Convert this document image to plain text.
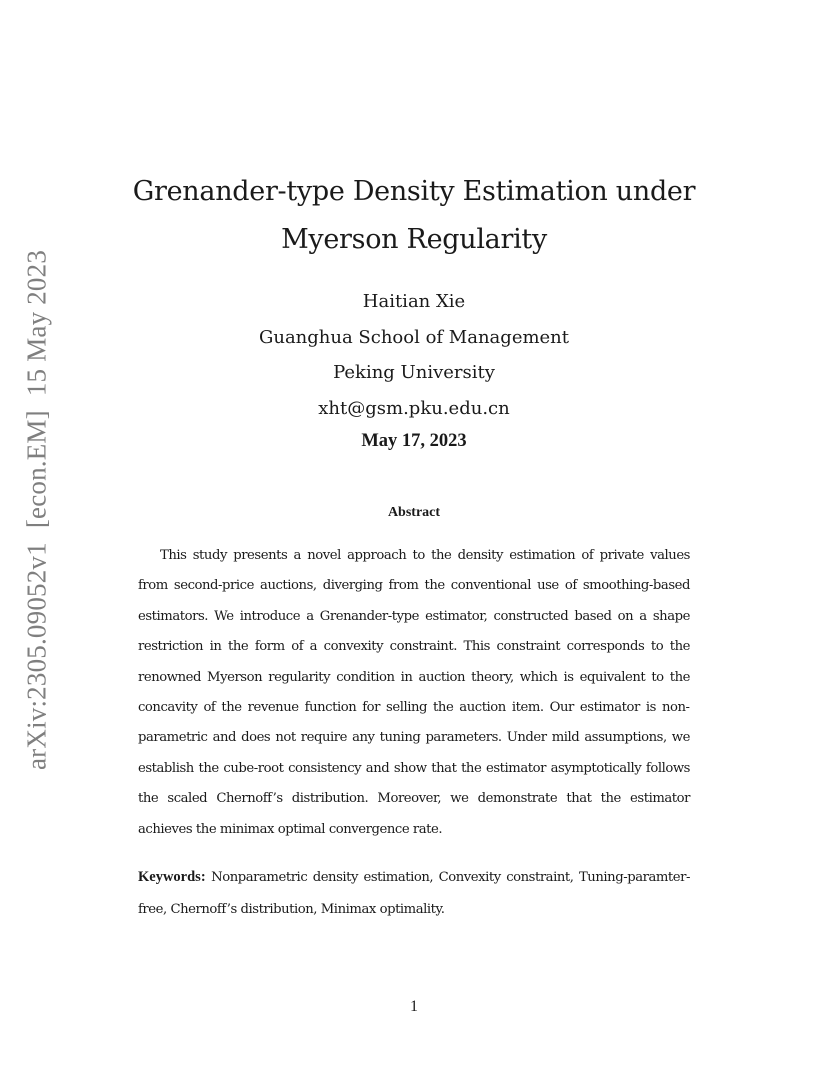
arXiv:2305.09052v1[econ.EM]15 May 2023
Grenander-type Density Estimation under
Myerson Regularity
Haitian Xie
Guanghua School of Management
Peking University
xht@gsm.pku.edu.cn
May 17, 2023
Abstract

This study presents a novel approach to the density estimation of private values from second-price auctions, diverging from the conventional use of smoothing-based estimators. We introduce a Grenander-type estimator, constructed based on a shape restriction in the form of a convexity constraint. This constraint corresponds to the renowned Myerson regularity condition in auction theory, which is equivalent to the concavity of the revenue function for selling the auction item. Our estimator is nonparametric and does not require any tuning parameters. Under mild assumptions, we establish the cube-root consistency and show that the estimator asymptotically follows the scaled Chernoff’s distribution. Moreover, we demonstrate that the estimator achieves the minimax optimal convergence rate.

Keywords: Nonparametric density estimation, Convexity constraint, Tuning-paramter-free, Chernoff’s distribution, Minimax optimality.

1
